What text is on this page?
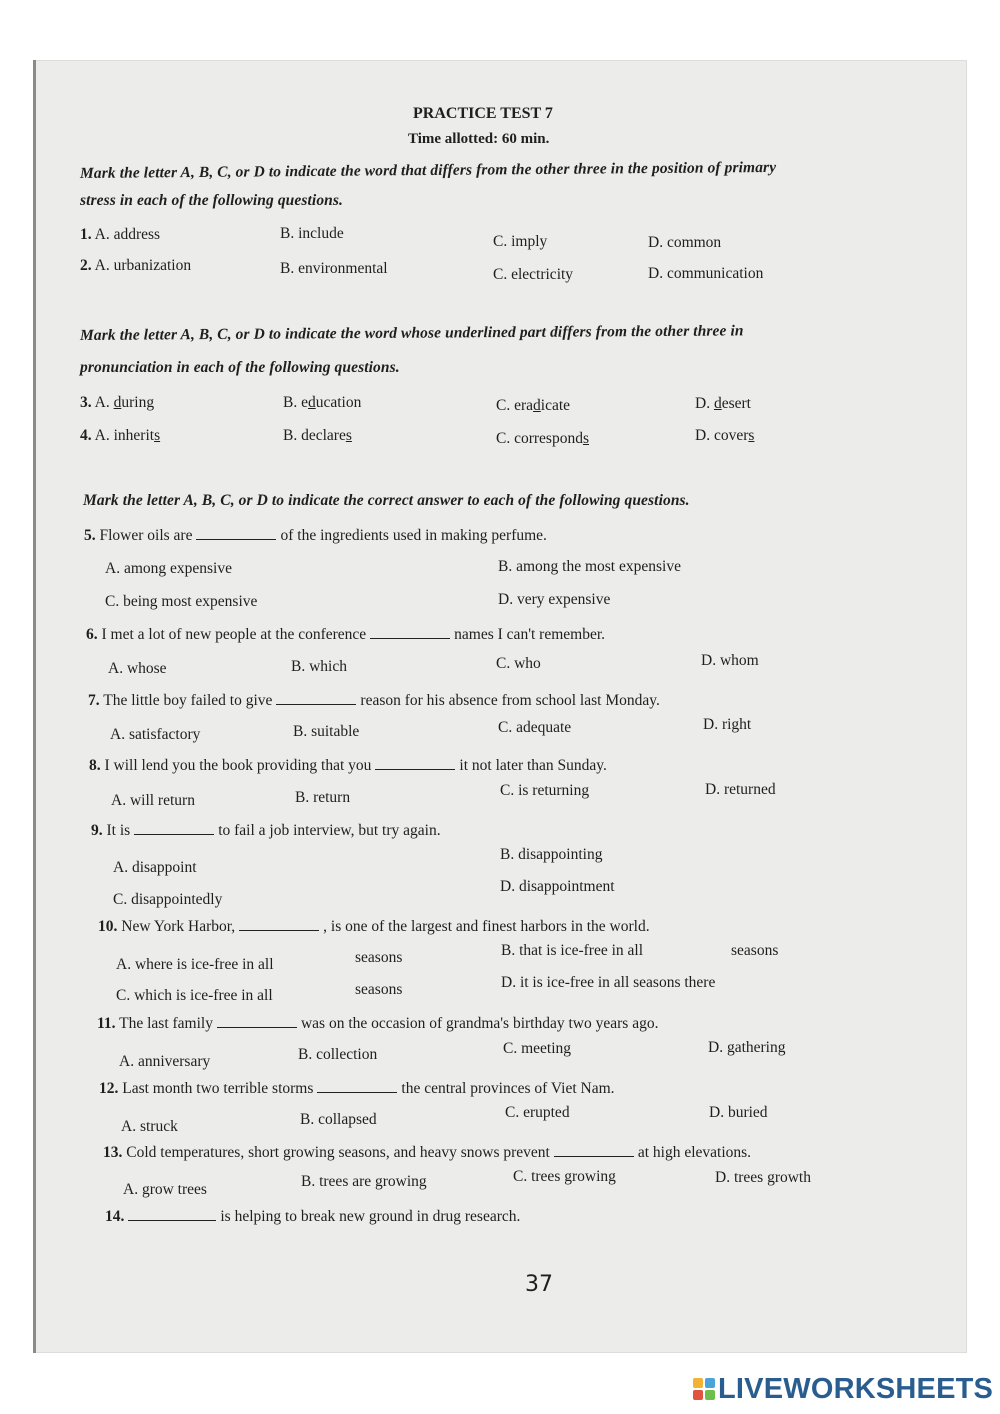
PRACTICE TEST 7
Time allotted: 60 min.
Mark the letter A, B, C, or D to indicate the word that differs from the other three in the position of primary
stress in each of the following questions.
1. A. address	B. include	C. imply	D. common
2. A. urbanization	B. environmental	C. electricity	D. communication
Mark the letter A, B, C, or D to indicate the word whose underlined part differs from the other three in
pronunciation in each of the following questions.
3. A. during	B. education	C. eradicate	D. desert
4. A. inherits	B. declares	C. corresponds	D. covers
Mark the letter A, B, C, or D to indicate the correct answer to each of the following questions.
5. Flower oils are	of the ingredients used in making perfume.
A. among expensive	B. among the most expensive
C. being most expensive	D. very expensive
6. I met a lot of new people at the conference	names I can't remember.
A. whose	B. which	C. who	D. whom
7. The little boy failed to give	reason for his absence from school last Monday.
A. satisfactory	B. suitable	C. adequate	D. right
8. I will lend you the book providing that you	it not later than Sunday.
A. will return	B. return	C. is returning	D. returned
9. It is	to fail a job interview, but try again.
A. disappoint
B. disappointing
C. disappointedly
D. disappointment
10. New York Harbor,	, is one of the largest and finest harbors in the world.
A. where is ice-free in all	seasons	B. that is ice-free in all	seasons
C. which is ice-free in all	seasons	D. it is ice-free in all seasons there
11. The last family	was on the occasion of grandma's birthday two years ago.
A. anniversary	B. collection	C. meeting	D. gathering
12. Last month two terrible storms	the central provinces of Viet Nam.
A. struck	B. collapsed	C. erupted	D. buried
13. Cold temperatures, short growing seasons, and heavy snows prevent	at high elevations.
A. grow trees	B. trees are growing	C. trees growing	D. trees growth
14.	is helping to break new ground in drug research.
37
LIVEWORKSHEETS
